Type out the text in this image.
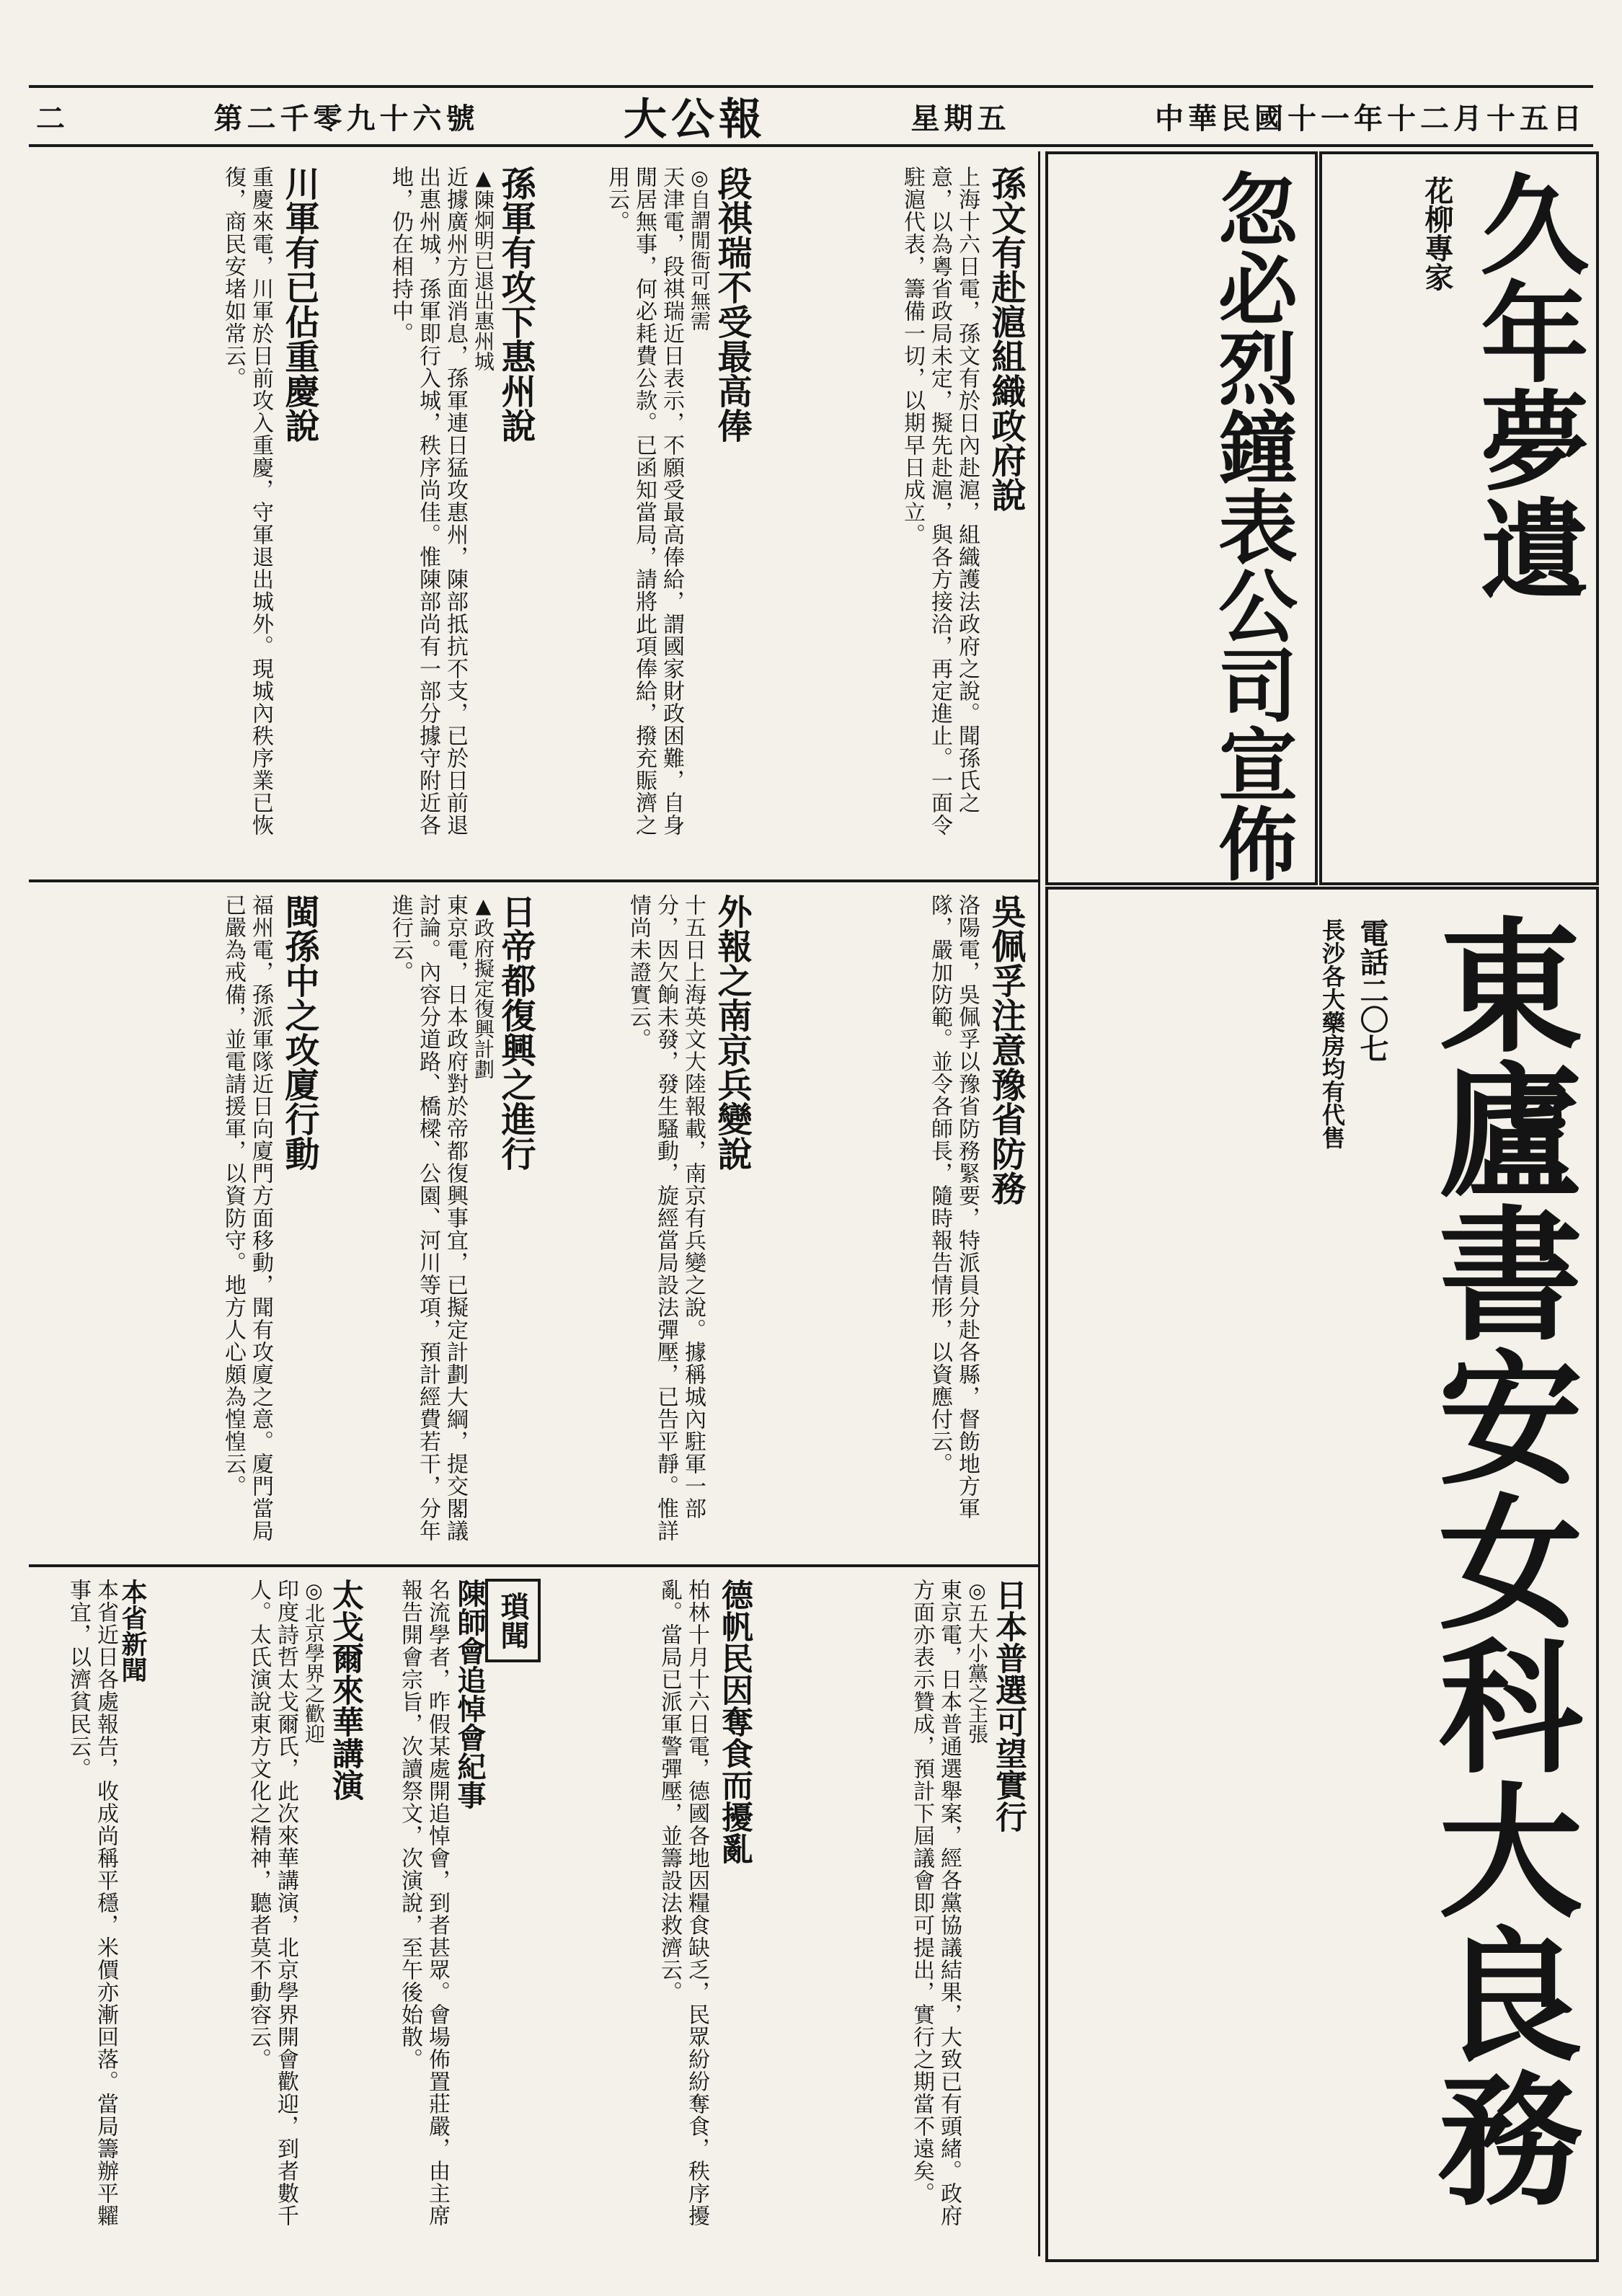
二	第二千零九十六號	大公報	星期五	中華民國十一年十二月十五日
久年夢遺
花柳專家
忽必烈鐘表公司宣佈
東廬書安女科大良務
電話二〇七
長沙各大藥房均有代售
孫文有赴滬組織政府說
上海十六日電，孫文有於日內赴滬，組織護法政府之說。聞孫氏之意，以為粵省政局未定，擬先赴滬，與各方接洽，再定進止。一面令駐滬代表，籌備一切，以期早日成立。
段祺瑞不受最高俸
◎自謂閒衙可無需
天津電，段祺瑞近日表示，不願受最高俸給，謂國家財政困難，自身閒居無事，何必耗費公款。已函知當局，請將此項俸給，撥充賑濟之用云。
孫軍有攻下惠州說
▲陳炯明已退出惠州城
近據廣州方面消息，孫軍連日猛攻惠州，陳部抵抗不支，已於日前退出惠州城，孫軍即行入城，秩序尚佳。惟陳部尚有一部分據守附近各地，仍在相持中。
川軍有已佔重慶說
重慶來電，川軍於日前攻入重慶，守軍退出城外。現城內秩序業已恢復，商民安堵如常云。
吳佩孚注意豫省防務
洛陽電，吳佩孚以豫省防務緊要，特派員分赴各縣，督飭地方軍隊，嚴加防範。並令各師長，隨時報告情形，以資應付云。
外報之南京兵變說
十五日上海英文大陸報載，南京有兵變之說。據稱城內駐軍一部分，因欠餉未發，發生騷動，旋經當局設法彈壓，已告平靜。惟詳情尚未證實云。
日帝都復興之進行
▲政府擬定復興計劃
東京電，日本政府對於帝都復興事宜，已擬定計劃大綱，提交閣議討論。內容分道路、橋樑、公園、河川等項，預計經費若干，分年進行云。
閩孫中之攻廈行動
福州電，孫派軍隊近日向廈門方面移動，聞有攻廈之意。廈門當局已嚴為戒備，並電請援軍，以資防守。地方人心頗為惶惶云。
日本普選可望實行
◎五大小黨之主張
東京電，日本普通選舉案，經各黨協議結果，大致已有頭緒。政府方面亦表示贊成，預計下屆議會即可提出，實行之期當不遠矣。
德帆民因奪食而擾亂
柏林十月十六日電，德國各地因糧食缺乏，民眾紛紛奪食，秩序擾亂。當局已派軍警彈壓，並籌設法救濟云。
瑣聞
陳師會追悼會紀事
名流學者，昨假某處開追悼會，到者甚眾。會場佈置莊嚴，由主席報告開會宗旨，次讀祭文，次演說，至午後始散。
太戈爾來華講演
◎北京學界之歡迎
印度詩哲太戈爾氏，此次來華講演，北京學界開會歡迎，到者數千人。太氏演說東方文化之精神，聽者莫不動容云。
本省新聞
本省近日各處報告，收成尚稱平穩，米價亦漸回落。當局籌辦平糶事宜，以濟貧民云。
